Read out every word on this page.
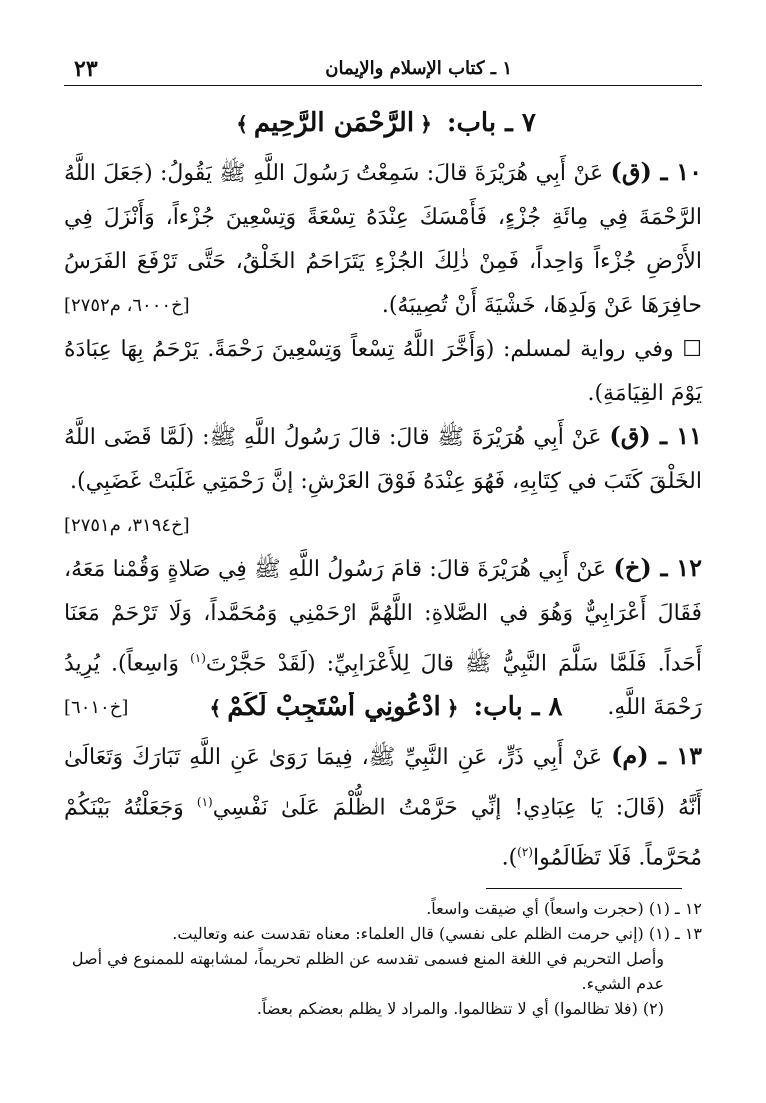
١ ـ كتاب الإسلام والإيمان
٢٣
٧ ـ باب: ﴿الرَّحْمَنِ الرَّحِيمِ﴾
١٠ ـ (ق) عَنْ أَبِي هُرَيْرَةَ قالَ: سَمِعْتُ رَسُولَ اللَّهِ ﷺ يَقُولُ: (جَعَلَ اللَّهُ الرَّحْمَةَ فِي مِائَةِ جُزْءٍ، فَأَمْسَكَ عِنْدَهُ تِسْعَةً وَتِسْعِينَ جُزْءاً، وَأَنْزَلَ فِي الأَرْضِ جُزْءاً وَاحِداً، فَمِنْ ذٰلِكَ الجُزْءِ يَتَرَاحَمُ الخَلْقُ، حَتَّى تَرْفَعَ الفَرَسُ حافِرَهَا عَنْ وَلَدِهَا، خَشْيَةَ أَنْ تُصِيبَهُ).
[خ٦٠٠٠، م٢٧٥٢]
☐ وفي رواية لمسلم: (وَأَخَّرَ اللَّهُ تِسْعاً وَتِسْعِينَ رَحْمَةً. يَرْحَمُ بِهَا عِبَادَهُ يَوْمَ القِيَامَةِ).
١١ ـ (ق) عَنْ أَبِي هُرَيْرَةَ ﷺ قالَ: قالَ رَسُولُ اللَّهِ ﷺ: (لَمَّا قَضَى اللَّهُ الخَلْقَ كَتَبَ في كِتَابِهِ، فَهُوَ عِنْدَهُ فَوْقَ العَرْشِ: إنَّ رَحْمَتِي غَلَبَتْ غَضَبِي).
[خ٣١٩٤، م٢٧٥١]
١٢ ـ (خ) عَنْ أَبِي هُرَيْرَةَ قالَ: قامَ رَسُولُ اللَّهِ ﷺ فِي صَلاةٍ وَقُمْنا مَعَهُ، فَقَالَ أَعْرَابِيٌّ وَهُوَ في الصَّلاةِ: اللَّهُمَّ ارْحَمْنِي وَمُحَمَّداً، وَلَا تَرْحَمْ مَعَنَا أَحَداً. فَلَمَّا سَلَّمَ النَّبِيُّ ﷺ قالَ لِلأَعْرَابِيِّ: (لَقَدْ حَجَّرْتَ$^{(١)}$ وَاسِعاً). يُرِيدُ رَحْمَةَ اللَّهِ.
[خ٦٠١٠]	٨ ـ باب: ﴿ادْعُونِي أَسْتَجِبْ لَكُمْ﴾
١٣ ـ (م) عَنْ أَبِي ذَرٍّ، عَنِ النَّبِيِّ ﷺ، فِيمَا رَوَىٰ عَنِ اللَّهِ تَبَارَكَ وَتَعَالَىٰ أَنَّهُ (قَالَ: يَا عِبَادِي! إنِّي حَرَّمْتُ الظُّلْمَ عَلَىٰ نَفْسِي$^{(١)}$ وَجَعَلْتُهُ بَيْنَكُمْ مُحَرَّماً. فَلَا تَظَالَمُوا$^{(٢)}$).

١٢ ـ (١) (حجرت واسعاً) أي ضيقت واسعاً.

١٣ ـ (١) (إني حرمت الظلم على نفسي) قال العلماء: معناه تقدست عنه وتعاليت.

وأصل التحريم في اللغة المنع فسمى تقدسه عن الظلم تحريماً، لمشابهته للممنوع في أصل عدم الشيء.

(٢) (فلا تظالموا) أي لا تتظالموا. والمراد لا يظلم بعضكم بعضاً.
